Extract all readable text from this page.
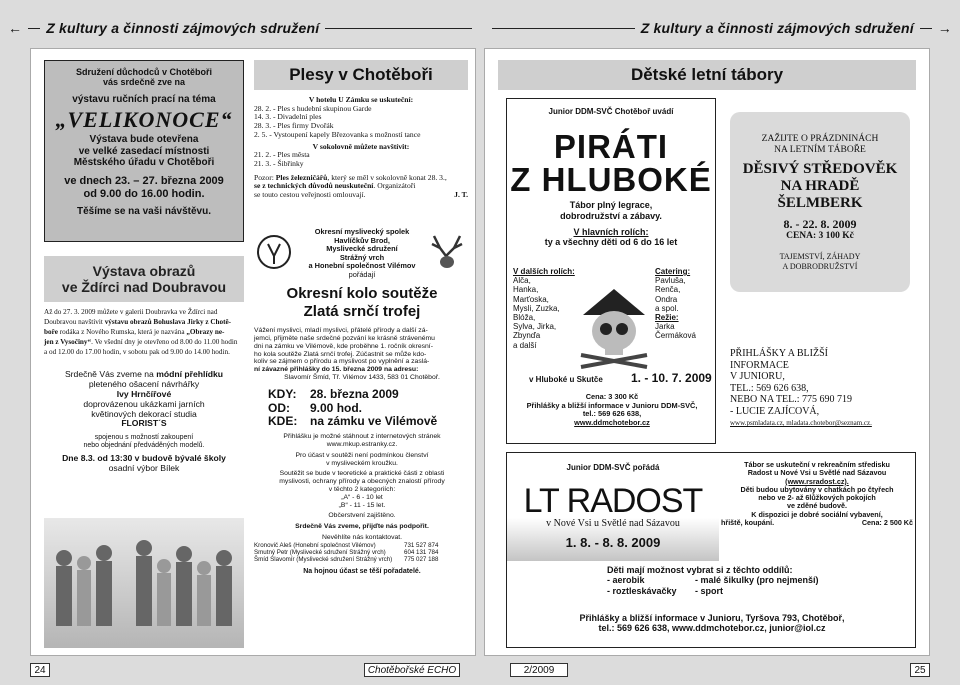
← Z kultury a činnosti zájmových sdružení	Z kultury a činnosti zájmových sdružení →

Sdružení důchodců v Chotěboři

vás srdečně zve na

výstavu ručních prací na téma

„VELIKONOCE“

Výstava bude otevřena

ve velké zasedací místnosti

Městského úřadu v Chotěboři

ve dnech 23. – 27. března 2009

od 9.00 do 16.00 hodin.

Těšíme se na vaši návštěvu.

Výstava obrazů
ve Ždírci nad Doubravou
Až do 27. 3. 2009 můžete v galerii Doubravka ve Ždírci nad
Doubravou navštívit výstavu obrazů Bohuslava Jirky z Chotě-
boře rodáka z Nového Rumska, která je nazvána „Obrazy ne-
jen z Vysočiny“. Ve všední dny je otevřeno od 8.00 do 11.00 hodin
a od 12.00 do 17.00 hodin, v sobotu pak od 9.00 do 14.00 hodin.

Srdečně Vás zveme na módní přehlídku

pleteného ošacení návrhářky

Ivy Hrnčířové

doprovázenou ukázkami jarních

květinových dekorací studia

FLORIST´S

spojenou s možností zakoupení

nebo objednání předváděných modelů.

Dne 8.3. od 13:30 v budově bývalé školy

osadní výbor Bílek

Plesy v Chotěboři

V hotelu U Zámku se uskuteční:

28. 2. - Ples s hudební skupinou Garde

14. 3. - Divadelní ples

28. 3. - Ples firmy Dvořák

2. 5. - Vystoupení kapely Březovanka s možností tance

V sokolovně můžete navštívit:

21. 2. - Ples města

21. 3. - Šibřinky

Pozor: Ples železničářů, který se měl v sokolovně konat 28. 3.,

se z technických důvodů neuskuteční. Organizátoři

se touto cestou veřejnosti omlouvají.	J. T.

Okresní myslivecký spolek

Havlíčkův Brod,

Myslivecké sdružení

Strážný vrch

a Honební společnost Vilémov

pořádají

Okresní kolo soutěže

Zlatá srnčí trofej

Vážení myslivci, mladí myslivci, přátelé přírody a další zá-

jemci, přijměte naše srdečné pozvání ke krásně strávenému

dni na zámku ve Vilémově, kde proběhne 1. ročník okresní-

ho kola soutěže Zlatá srnčí trofej. Zúčastnit se může kdo-

koliv se zájmem o přírodu a myslivost po vyplnění a zaslá-

ní závazné přihlášky do 15. března 2009 na adresu:

Slavomír Šmíd, Tř. Vilémov 1433, 583 01 Chotěboř.

KDY: 28. března 2009

OD: 9.00 hod.

KDE: na zámku ve Vilémově

Přihlášku je možné stáhnout z internetových stránek

www.mkup.estranky.cz.

Pro účast v soutěži není podmínkou členství

v mysliveckém kroužku.

Soutěžit se bude v teoretické a praktické části z oblasti

myslivosti, ochrany přírody a obecných znalostí přírody

v těchto 2 kategoriích:

„A“ - 6 - 10 let

„B“ - 11 - 15 let.

Občerstvení zajištěno.

Srdečně Vás zveme, přijďte nás podpořit.

Nevěhlíte nás kontaktovat.

Kronovič Aleš (Honební společnost Vilémov)	731 527 874

Smutný Petr (Myslivecké sdružení Strážný vrch)	604 131 784

Šmíd Slavomír (Myslivecké sdružení Strážný vrch) 775 027 188

Na hojnou účast se těší pořadatelé.

Dětské letní tábory

Junior DDM-SVČ Chotěboř uvádí

PIRÁTI

Z HLUBOKÉ

Tábor plný legrace,

dobrodružství a zábavy.

V hlavních rolích:

ty a všechny děti od 6 do 16 let

V dalších rolích:

Alča,

Hanka,

Marťoska,

Mysli, Zuzka,

Blóža,

Sylva, Jirka,

Zbynďa

a další

Catering:

Pavluša,

Renča,

Ondra

a spol.

Režie:

Jarka

Čermáková

v Hluboké u Skutče 1. - 10. 7. 2009

Cena: 3 300 Kč

Přihlášky a bližší informace v Junioru DDM-SVČ,

tel.: 569 626 638,

www.ddmchotebor.cz

ZAŽIJTE O PRÁZDNINÁCH

NA LETNÍM TÁBOŘE

DĚSIVÝ STŘEDOVĚK

NA HRADĚ

ŠELMBERK

8. - 22. 8. 2009

CENA: 3 100 Kč

TAJEMSTVÍ, ZÁHADY

A DOBRODRUŽSTVÍ

PŘIHLÁŠKY A BLIŽŠÍ

INFORMACE

V JUNIORU,

TEL.: 569 626 638,

NEBO NA TEL.: 775 690 719

- LUCIE ZAJÍCOVÁ,

www.psmladata.cz, mladata.chotebor@seznam.cz.

Junior DDM-SVČ pořádá

LT RADOST

v Nové Vsi u Světlé nad Sázavou

1. 8. - 8. 8. 2009

Tábor se uskuteční v rekreačním středisku

Radost u Nové Vsi u Světlé nad Sázavou

(www.rsradost.cz).

Děti budou ubytovány v chatkách po čtyřech

nebo ve 2- až 6lůžkových pokojích

ve zděné budově.

K dispozici je dobré sociální vybavení,

hřiště, koupání.	Cena: 2 500 Kč

Děti mají možnost vybrat si z těchto oddílů:

- aerobik	- malé šikulky (pro nejmenší)

- roztleskávačky - sport

Přihlášky a bližší informace v Junioru, Tyršova 793, Chotěboř,

tel.: 569 626 638, www.ddmchotebor.cz, junior@iol.cz

24	Chotěbořské ECHO	2/2009	25
